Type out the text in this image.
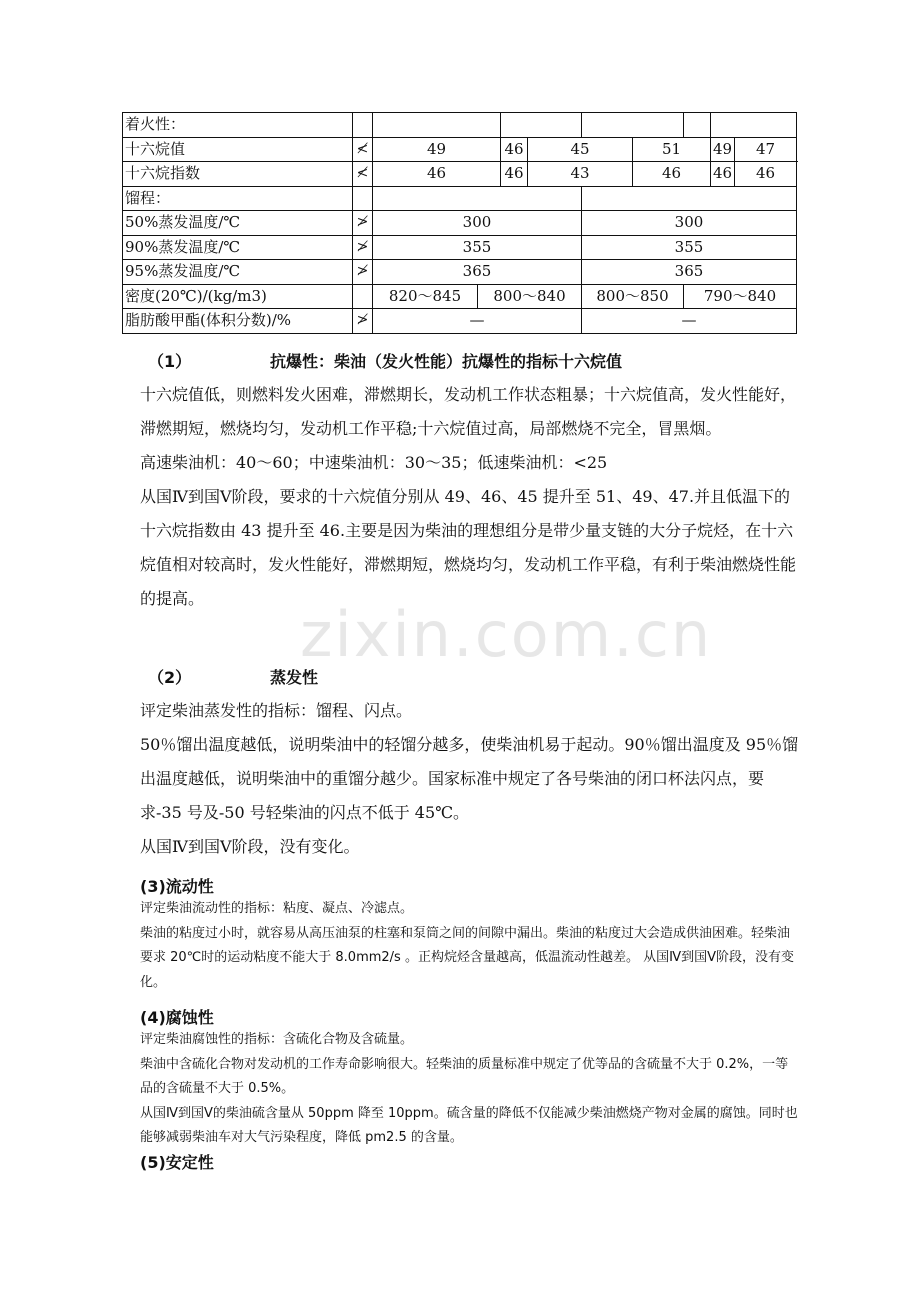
着火性：									
十六烷值	≮	49		46	45		51		49	47
十六烷指数	≮	46		46	43		46		46	46
馏程：										
50%蒸发温度/℃	≯	300				300				
90%蒸发温度/℃	≯	355				355				
95%蒸发温度/℃	≯	365				365				
密度(20℃)/(kg/m3)		820～845	800～840			800～850		790～840		
脂肪酸甲酯(体积分数)/%	≯	—				—				
（1）	抗爆性：柴油（发火性能）抗爆性的指标十六烷值

十六烷值低，则燃料发火困难，滞燃期长，发动机工作状态粗暴；十六烷值高，发火性能好，滞燃期短，燃烧均匀，发动机工作平稳;十六烷值过高，局部燃烧不完全，冒黑烟。

高速柴油机：40～60；中速柴油机：30～35；低速柴油机：<25

从国Ⅳ到国Ⅴ阶段，要求的十六烷值分别从 49、46、45 提升至 51、49、47.并且低温下的十六烷指数由 43 提升至 46.主要是因为柴油的理想组分是带少量支链的大分子烷烃，在十六烷值相对较高时，发火性能好，滞燃期短，燃烧均匀，发动机工作平稳，有利于柴油燃烧性能的提高。

（2）	蒸发性

评定柴油蒸发性的指标：馏程、闪点。

50％馏出温度越低，说明柴油中的轻馏分越多，使柴油机易于起动。90％馏出温度及 95％馏出温度越低，说明柴油中的重馏分越少。国家标准中规定了各号柴油的闭口杯法闪点，要求-35 号及-50 号轻柴油的闪点不低于 45℃。

从国Ⅳ到国Ⅴ阶段，没有变化。

(3)流动性

评定柴油流动性的指标：粘度、凝点、冷滤点。

柴油的粘度过小时，就容易从高压油泵的柱塞和泵筒之间的间隙中漏出。柴油的粘度过大会造成供油困难。轻柴油要求 20℃时的运动粘度不能大于 8.0mm2/s 。正构烷烃含量越高，低温流动性越差。 从国Ⅳ到国Ⅴ阶段，没有变化。

(4)腐蚀性

评定柴油腐蚀性的指标：含硫化合物及含硫量。

柴油中含硫化合物对发动机的工作寿命影响很大。轻柴油的质量标准中规定了优等品的含硫量不大于 0.2%，一等品的含硫量不大于 0.5%。

从国Ⅳ到国Ⅴ的柴油硫含量从 50ppm 降至 10ppm。硫含量的降低不仅能减少柴油燃烧产物对金属的腐蚀。同时也能够减弱柴油车对大气污染程度，降低 pm2.5 的含量。

(5)安定性
zixin.com.cn
